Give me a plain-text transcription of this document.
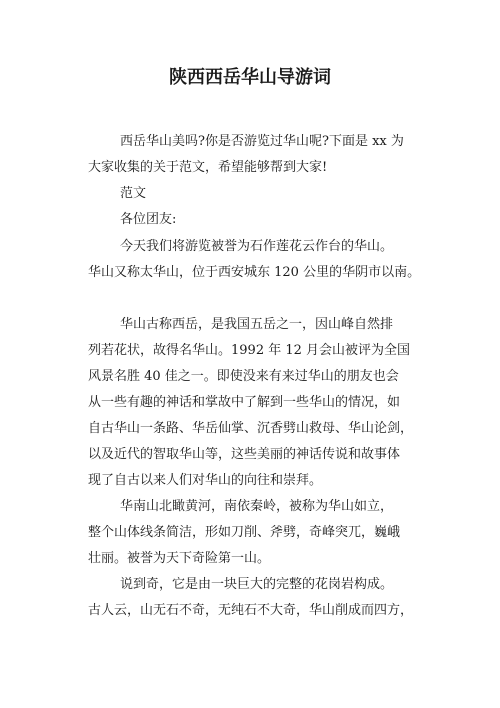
陕西西岳华山导游词

西岳华山美吗?你是否游览过华山呢?下面是 xx 为

大家收集的关于范文，希望能够帮到大家!

范文

各位团友:

今天我们将游览被誉为石作莲花云作台的华山。

华山又称太华山，位于西安城东 120 公里的华阴市以南。

华山古称西岳，是我国五岳之一，因山峰自然排

列若花状，故得名华山。1992 年 12 月会山被评为全国

风景名胜 40 佳之一。即使没来有来过华山的朋友也会

从一些有趣的神话和掌故中了解到一些华山的情况，如

自古华山一条路、华岳仙掌、沉香劈山救母、华山论剑，

以及近代的智取华山等，这些美丽的神话传说和故事体

现了自古以来人们对华山的向往和崇拜。

华南山北瞰黄河，南依秦岭，被称为华山如立，

整个山体线条简洁，形如刀削、斧劈，奇峰突兀，巍峨

壮丽。被誉为天下奇险第一山。

说到奇，它是由一块巨大的完整的花岗岩构成。

古人云，山无石不奇，无纯石不大奇，华山削成而四方，
